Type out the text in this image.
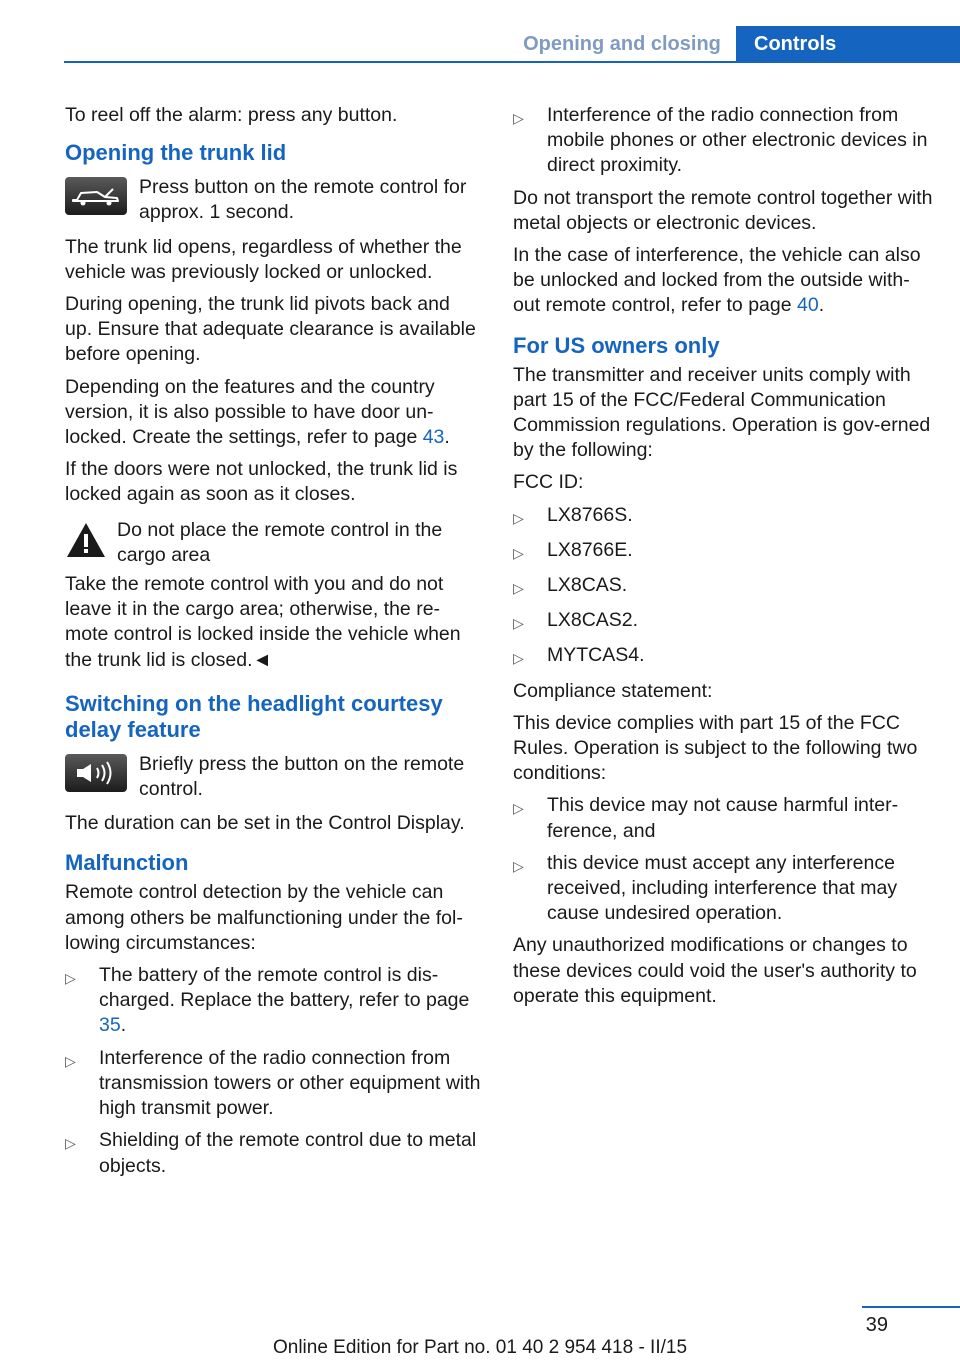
Opening and closing	Controls

To reel off the alarm: press any button.

Opening the trunk lid
Press button on the remote control for approx. 1 second.

The trunk lid opens, regardless of whether the vehicle was previously locked or unlocked.

During opening, the trunk lid pivots back and up. Ensure that adequate clearance is available before opening.

Depending on the features and the country version, it is also possible to have door un‐locked. Create the settings, refer to page 43.

If the doors were not unlocked, the trunk lid is locked again as soon as it closes.

Do not place the remote control in the cargo area

Take the remote control with you and do not leave it in the cargo area; otherwise, the re‐mote control is locked inside the vehicle when the trunk lid is closed.◄

Switching on the headlight courtesy delay feature
Briefly press the button on the remote control.

The duration can be set in the Control Display.

Malfunction

Remote control detection by the vehicle can among others be malfunctioning under the fol‐lowing circumstances:

▷	The battery of the remote control is dis‐charged. Replace the battery, refer to page 35.
▷	Interference of the radio connection from transmission towers or other equipment with high transmit power.
▷	Shielding of the remote control due to metal objects.
▷	Interference of the radio connection from mobile phones or other electronic devices in direct proximity.

Do not transport the remote control together with metal objects or electronic devices.

In the case of interference, the vehicle can also be unlocked and locked from the outside with‐out remote control, refer to page 40.

For US owners only

The transmitter and receiver units comply with part 15 of the FCC/Federal Communication Commission regulations. Operation is gov‐erned by the following:

FCC ID:

▷	LX8766S.
▷	LX8766E.
▷	LX8CAS.
▷	LX8CAS2.
▷	MYTCAS4.

Compliance statement:

This device complies with part 15 of the FCC Rules. Operation is subject to the following two conditions:

▷	This device may not cause harmful inter‐ference, and
▷	this device must accept any interference received, including interference that may cause undesired operation.

Any unauthorized modifications or changes to these devices could void the user's authority to operate this equipment.

39
Online Edition for Part no. 01 40 2 954 418 - II/15
